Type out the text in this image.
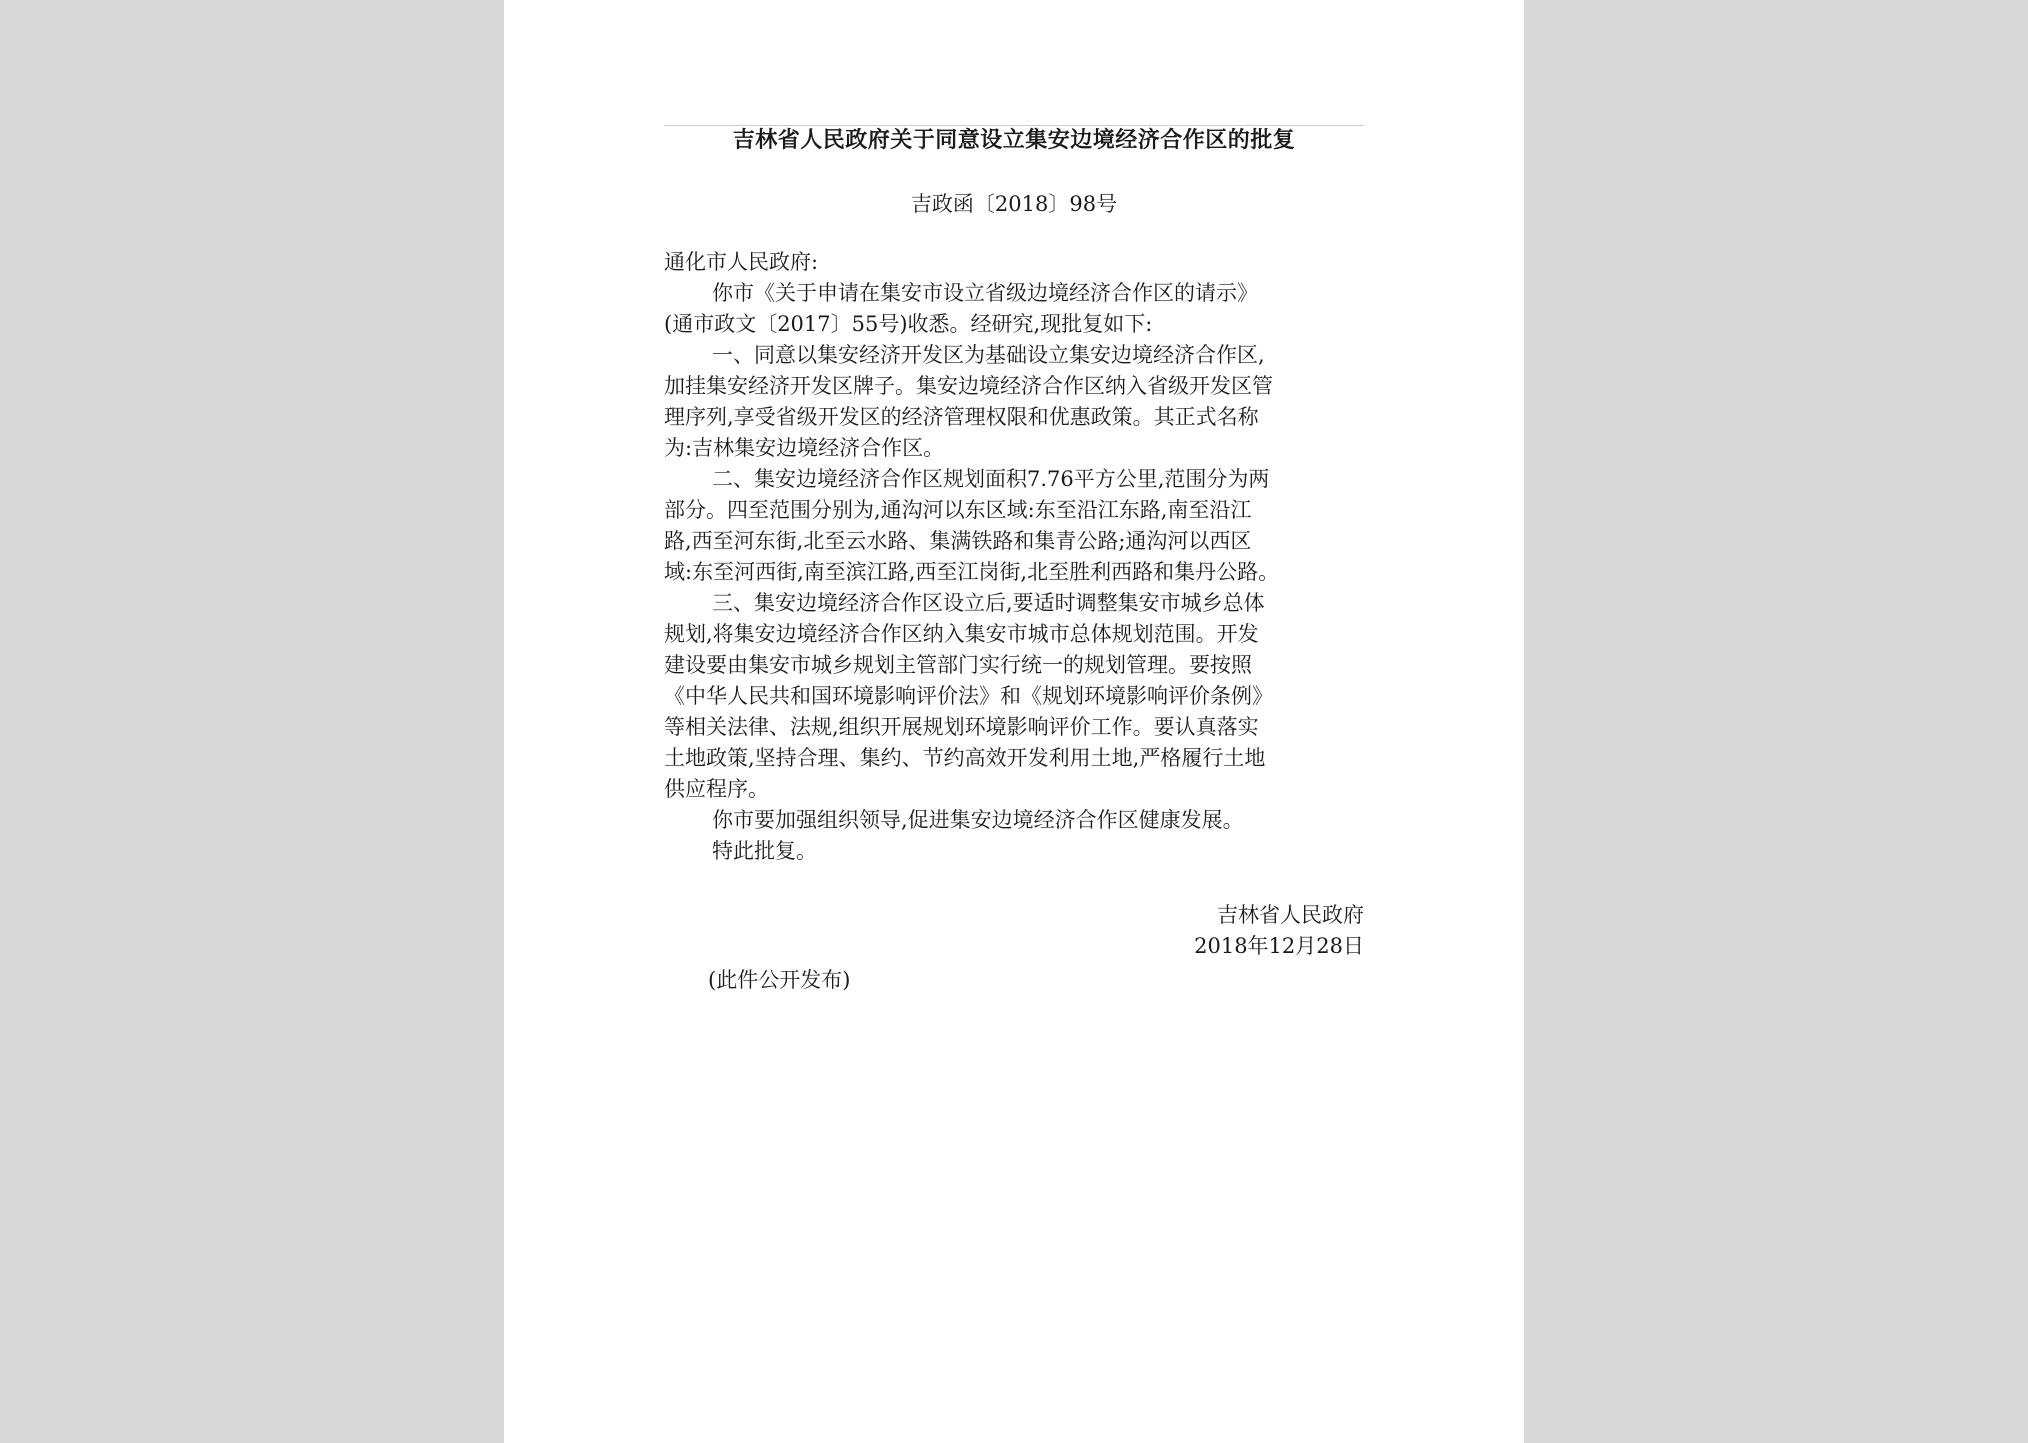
吉林省人民政府关于同意设立集安边境经济合作区的批复
吉政函〔2018〕98号

通化市人民政府:

你市《关于申请在集安市设立省级边境经济合作区的请示》

(通市政文〔2017〕55号)收悉。经研究,现批复如下:

一、同意以集安经济开发区为基础设立集安边境经济合作区,

加挂集安经济开发区牌子。集安边境经济合作区纳入省级开发区管

理序列,享受省级开发区的经济管理权限和优惠政策。其正式名称

为:吉林集安边境经济合作区。

二、集安边境经济合作区规划面积7.76平方公里,范围分为两

部分。四至范围分别为,通沟河以东区域:东至沿江东路,南至沿江

路,西至河东街,北至云水路、集满铁路和集青公路;通沟河以西区

域:东至河西街,南至滨江路,西至江岗街,北至胜利西路和集丹公路。

三、集安边境经济合作区设立后,要适时调整集安市城乡总体

规划,将集安边境经济合作区纳入集安市城市总体规划范围。开发

建设要由集安市城乡规划主管部门实行统一的规划管理。要按照

《中华人民共和国环境影响评价法》和《规划环境影响评价条例》

等相关法律、法规,组织开展规划环境影响评价工作。要认真落实

土地政策,坚持合理、集约、节约高效开发利用土地,严格履行土地

供应程序。

你市要加强组织领导,促进集安边境经济合作区健康发展。

特此批复。

吉林省人民政府

2018年12月28日

(此件公开发布)
